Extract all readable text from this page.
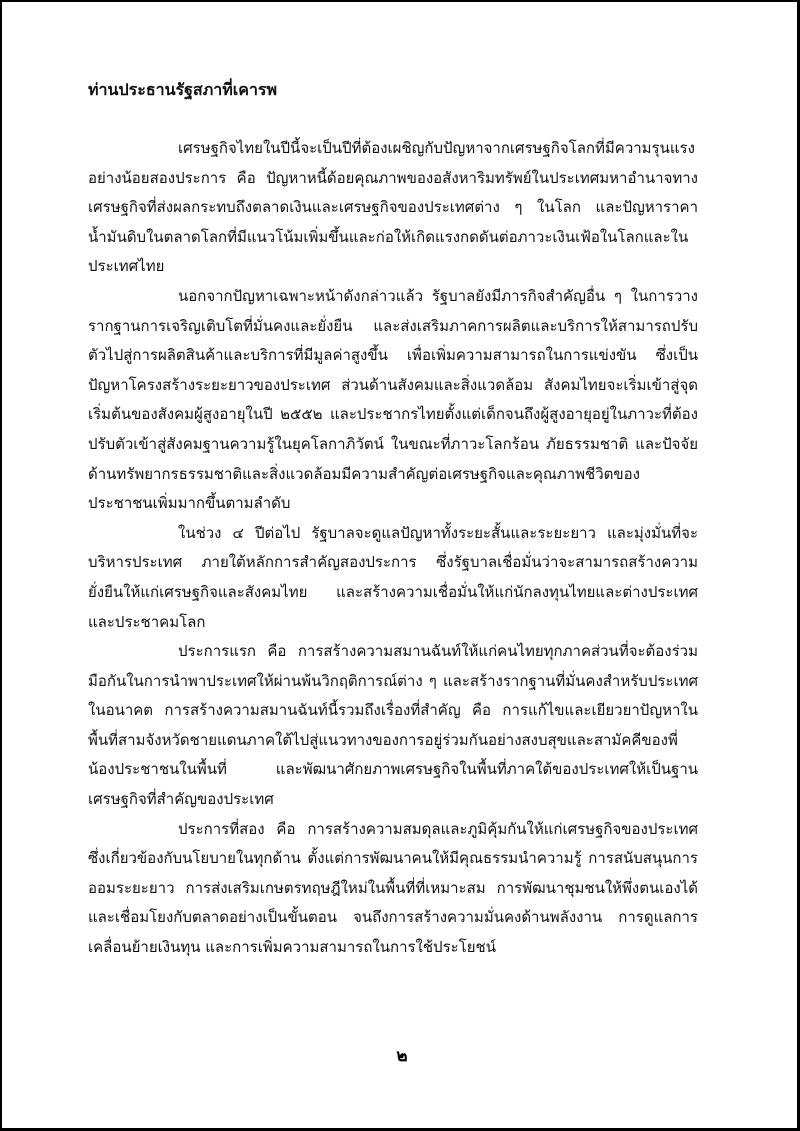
ท่านประธานรัฐสภาที่เคารพ

เศรษฐกิจไทยในปีนี้จะเป็นปีที่ต้องเผชิญกับปัญหาจากเศรษฐกิจโลกที่มีความรุนแรง อย่างน้อยสองประการ คือ ปัญหาหนี้ด้อยคุณภาพของอสังหาริมทรัพย์ในประเทศมหาอำนาจทางเศรษฐกิจที่ส่งผลกระทบถึงตลาดเงินและเศรษฐกิจของประเทศต่าง ๆ ในโลก และปัญหาราคาน้ำมันดิบในตลาดโลกที่มีแนวโน้มเพิ่มขึ้นและก่อให้เกิดแรงกดดันต่อภาวะเงินเฟ้อในโลกและในประเทศไทย

นอกจากปัญหาเฉพาะหน้าดังกล่าวแล้ว รัฐบาลยังมีภารกิจสำคัญอื่น ๆ ในการวางรากฐานการเจริญเติบโตที่มั่นคงและยั่งยืน และส่งเสริมภาคการผลิตและบริการให้สามารถปรับตัวไปสู่การผลิตสินค้าและบริการที่มีมูลค่าสูงขึ้น เพื่อเพิ่มความสามารถในการแข่งขัน ซึ่งเป็นปัญหาโครงสร้างระยะยาวของประเทศ ส่วนด้านสังคมและสิ่งแวดล้อม สังคมไทยจะเริ่มเข้าสู่จุดเริ่มต้นของสังคมผู้สูงอายุในปี ๒๕๕๒ และประชากรไทยตั้งแต่เด็กจนถึงผู้สูงอายุอยู่ในภาวะที่ต้องปรับตัวเข้าสู่สังคมฐานความรู้ในยุคโลกาภิวัตน์ ในขณะที่ภาวะโลกร้อน ภัยธรรมชาติ และปัจจัยด้านทรัพยากรธรรมชาติและสิ่งแวดล้อมมีความสำคัญต่อเศรษฐกิจและคุณภาพชีวิตของประชาชนเพิ่มมากขึ้นตามลำดับ

ในช่วง ๔ ปีต่อไป รัฐบาลจะดูแลปัญหาทั้งระยะสั้นและระยะยาว และมุ่งมั่นที่จะบริหารประเทศ ภายใต้หลักการสำคัญสองประการ ซึ่งรัฐบาลเชื่อมั่นว่าจะสามารถสร้างความยั่งยืนให้แก่เศรษฐกิจและสังคมไทย และสร้างความเชื่อมั่นให้แก่นักลงทุนไทยและต่างประเทศ และประชาคมโลก

ประการแรก คือ การสร้างความสมานฉันท์ให้แก่คนไทยทุกภาคส่วนที่จะต้องร่วมมือกันในการนำพาประเทศให้ผ่านพ้นวิกฤติการณ์ต่าง ๆ และสร้างรากฐานที่มั่นคงสำหรับประเทศในอนาคต การสร้างความสมานฉันท์นี้รวมถึงเรื่องที่สำคัญ คือ การแก้ไขและเยียวยาปัญหาในพื้นที่สามจังหวัดชายแดนภาคใต้ไปสู่แนวทางของการอยู่ร่วมกันอย่างสงบสุขและสามัคคีของพี่น้องประชาชนในพื้นที่ และพัฒนาศักยภาพเศรษฐกิจในพื้นที่ภาคใต้ของประเทศให้เป็นฐานเศรษฐกิจที่สำคัญของประเทศ

ประการที่สอง คือ การสร้างความสมดุลและภูมิคุ้มกันให้แก่เศรษฐกิจของประเทศ ซึ่งเกี่ยวข้องกับนโยบายในทุกด้าน ตั้งแต่การพัฒนาคนให้มีคุณธรรมนำความรู้ การสนับสนุนการออมระยะยาว การส่งเสริมเกษตรทฤษฎีใหม่ในพื้นที่ที่เหมาะสม การพัฒนาชุมชนให้พึ่งตนเองได้และเชื่อมโยงกับตลาดอย่างเป็นขั้นตอน จนถึงการสร้างความมั่นคงด้านพลังงาน การดูแลการเคลื่อนย้ายเงินทุน และการเพิ่มความสามารถในการใช้ประโยชน์

๒
